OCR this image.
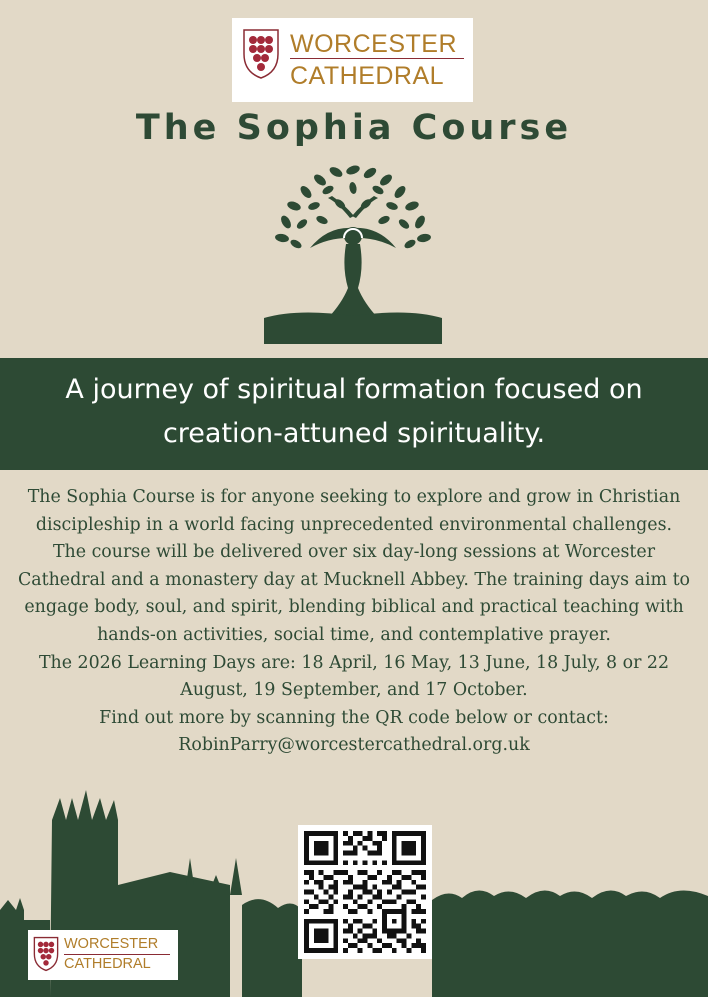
WORCESTER
CATHEDRAL
The Sophia Course
A journey of spiritual formation focused on creation-attuned spirituality.

The Sophia Course is for anyone seeking to explore and grow in Christian discipleship in a world facing unprecedented environmental challenges.

The course will be delivered over six day-long sessions at Worcester Cathedral and a monastery day at Mucknell Abbey. The training days aim to engage body, soul, and spirit, blending biblical and practical teaching with hands-on activities, social time, and contemplative prayer.

The 2026 Learning Days are: 18 April, 16 May, 13 June, 18 July, 8 or 22 August, 19 September, and 17 October.

Find out more by scanning the QR code below or contact:

RobinParry@worcestercathedral.org.uk

WORCESTER
CATHEDRAL
